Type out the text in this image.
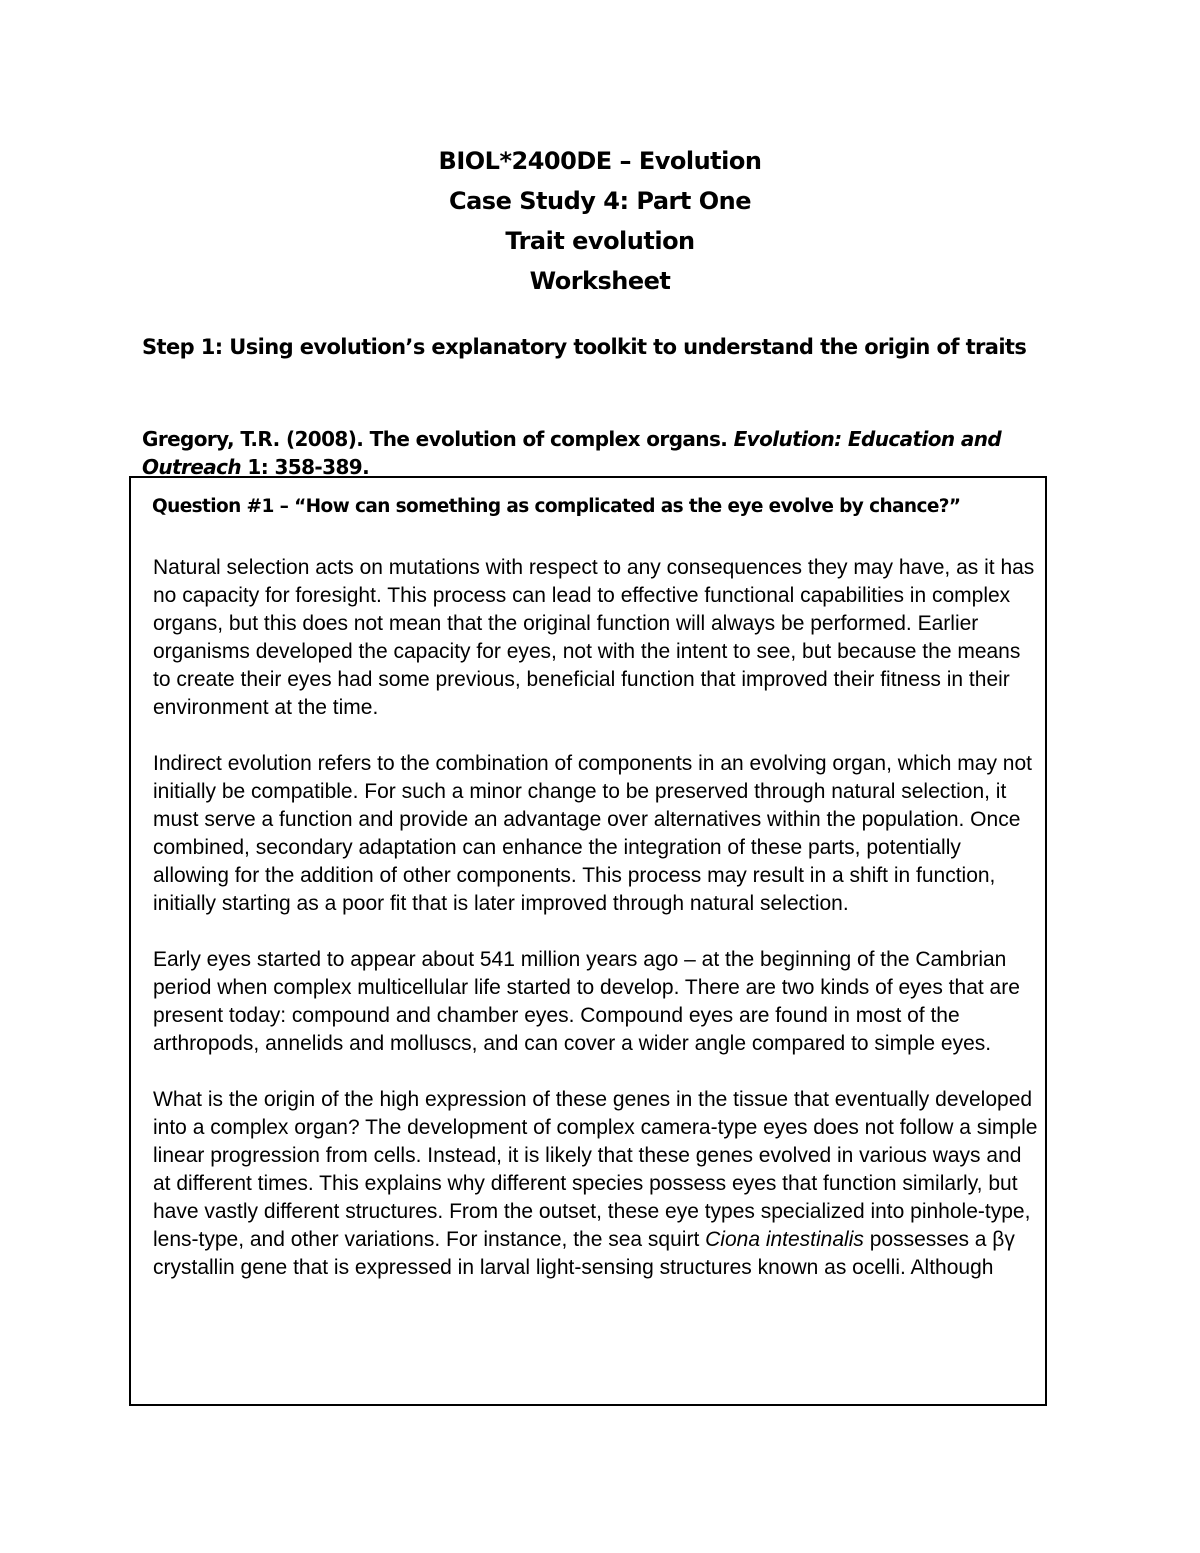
BIOL*2400DE – Evolution
Case Study 4: Part One
Trait evolution
Worksheet
Step 1: Using evolution’s explanatory toolkit to understand the origin of traits
Gregory, T.R. (2008). The evolution of complex organs. Evolution: Education and Outreach 1: 358-389.
Question #1 – “How can something as complicated as the eye evolve by chance?”

Natural selection acts on mutations with respect to any consequences they may have, as it has no capacity for foresight. This process can lead to effective functional capabilities in complex organs, but this does not mean that the original function will always be performed. Earlier organisms developed the capacity for eyes, not with the intent to see, but because the means to create their eyes had some previous, beneficial function that improved their fitness in their environment at the time.

Indirect evolution refers to the combination of components in an evolving organ, which may not initially be compatible. For such a minor change to be preserved through natural selection, it must serve a function and provide an advantage over alternatives within the population. Once combined, secondary adaptation can enhance the integration of these parts, potentially allowing for the addition of other components. This process may result in a shift in function, initially starting as a poor fit that is later improved through natural selection.

Early eyes started to appear about 541 million years ago – at the beginning of the Cambrian period when complex multicellular life started to develop. There are two kinds of eyes that are present today: compound and chamber eyes. Compound eyes are found in most of the arthropods, annelids and molluscs, and can cover a wider angle compared to simple eyes.

What is the origin of the high expression of these genes in the tissue that eventually developed into a complex organ? The development of complex camera-type eyes does not follow a simple linear progression from cells. Instead, it is likely that these genes evolved in various ways and at different times. This explains why different species possess eyes that function similarly, but have vastly different structures. From the outset, these eye types specialized into pinhole-type, lens-type, and other variations. For instance, the sea squirt Ciona intestinalis possesses a βγ crystallin gene that is expressed in larval light-sensing structures known as ocelli. Although
